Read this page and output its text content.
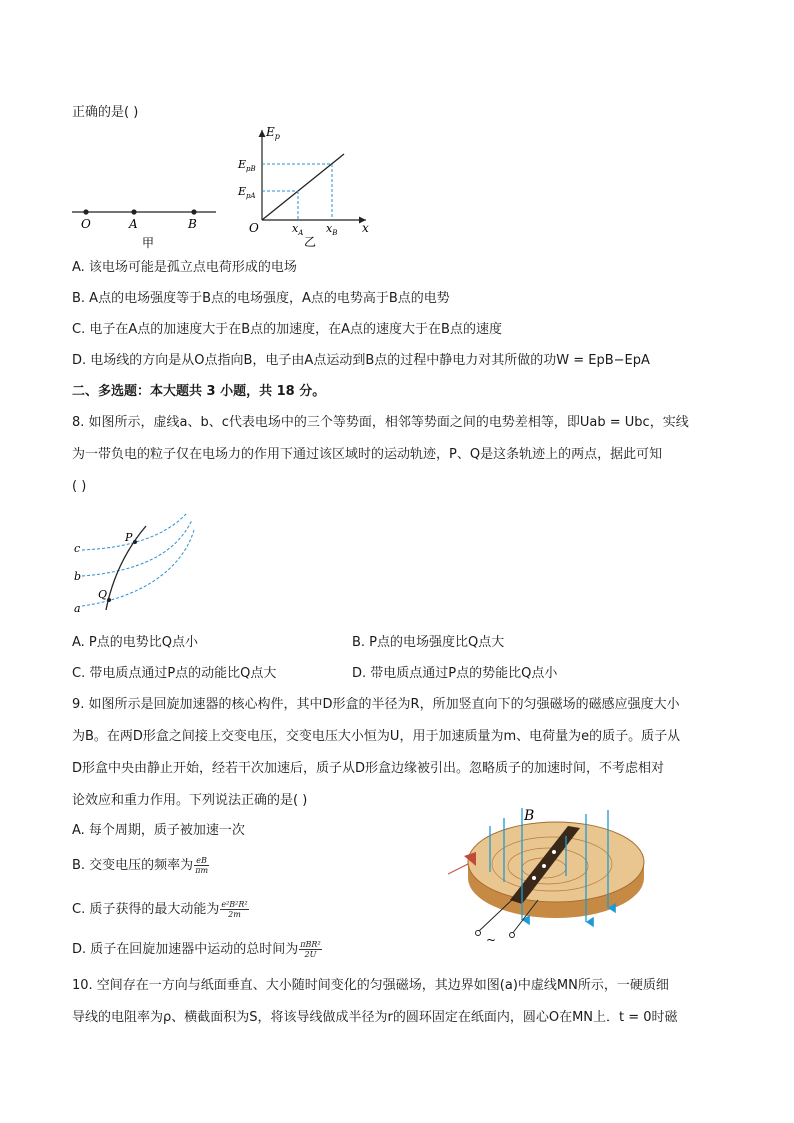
正确的是( )
O	A	B
甲
$E_p$
$E_{pB}$
$E_{pA}$
O	$x_A$ $x_B$ x
乙
A. 该电场可能是孤立点电荷形成的电场
B. A点的电场强度等于B点的电场强度，A点的电势高于B点的电势
C. 电子在A点的加速度大于在B点的加速度，在A点的速度大于在B点的速度
D. 电场线的方向是从O点指向B，电子由A点运动到B点的过程中静电力对其所做的功W = EpB−EpA
二、多选题：本大题共 3 小题，共 18 分。
8. 如图所示，虚线a、b、c代表电场中的三个等势面，相邻等势面之间的电势差相等，即Uab = Ubc，实线
为一带负电的粒子仅在电场力的作用下通过该区域时的运动轨迹，P、Q是这条轨迹上的两点，据此可知
( )
c
b
a
P
Q
A. P点的电势比Q点小	B. P点的电场强度比Q点大
C. 带电质点通过P点的动能比Q点大	D. 带电质点通过P点的势能比Q点小
9. 如图所示是回旋加速器的核心构件，其中D形盒的半径为R，所加竖直向下的匀强磁场的磁感应强度大小
为B。在两D形盒之间接上交变电压，交变电压大小恒为U，用于加速质量为m、电荷量为e的质子。质子从
D形盒中央由静止开始，经若干次加速后，质子从D形盒边缘被引出。忽略质子的加速时间，不考虑相对
论效应和重力作用。下列说法正确的是( )
A. 每个周期，质子被加速一次
B. 交变电压的频率为 $\frac{eB}{\pi m}$
C. 质子获得的最大动能为 $\frac{\text{e²B²R²}}{2m}$
D. 质子在回旋加速器中运动的总时间为 $\frac{\text{πBR²}}{2U}$
B
~
10. 空间存在一方向与纸面垂直、大小随时间变化的匀强磁场，其边界如图(a)中虚线MN所示，一硬质细
导线的电阻率为ρ、横截面积为S，将该导线做成半径为r的圆环固定在纸面内，圆心O在MN上．t = 0时磁
